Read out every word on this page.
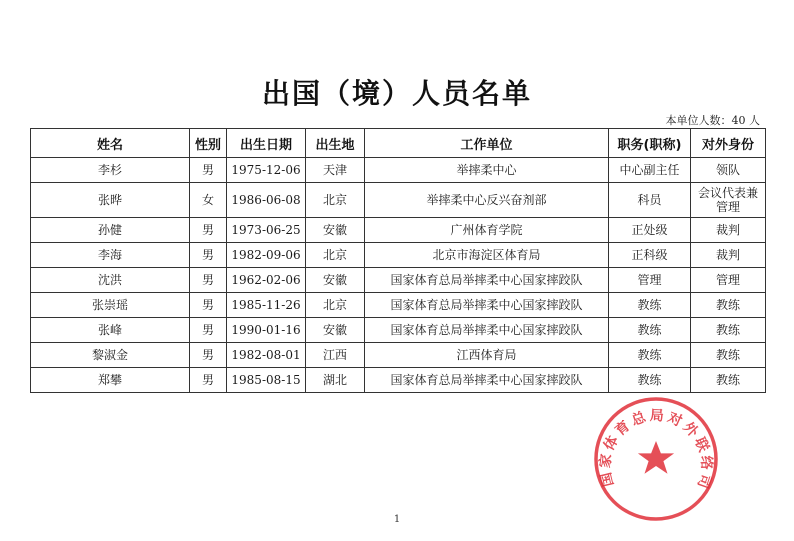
出国（境）人员名单
本单位人数：40 人
姓名	性别	出生日期	出生地	工作单位	职务(职称)	对外身份
李杉	男	1975-12-06	天津	举摔柔中心	中心副主任	领队
张晔	女	1986-06-08	北京	举摔柔中心反兴奋剂部	科员	会议代表兼管理
孙健	男	1973-06-25	安徽	广州体育学院	正处级	裁判
李海	男	1982-09-06	北京	北京市海淀区体育局	正科级	裁判
沈洪	男	1962-02-06	安徽	国家体育总局举摔柔中心国家摔跤队	管理	管理
张崇瑶	男	1985-11-26	北京	国家体育总局举摔柔中心国家摔跤队	教练	教练
张峰	男	1990-01-16	安徽	国家体育总局举摔柔中心国家摔跤队	教练	教练
黎淑金	男	1982-08-01	江西	江西体育局	教练	教练
郑攀	男	1985-08-15	湖北	国家体育总局举摔柔中心国家摔跤队	教练	教练
国家体育总局对外联络司
1
